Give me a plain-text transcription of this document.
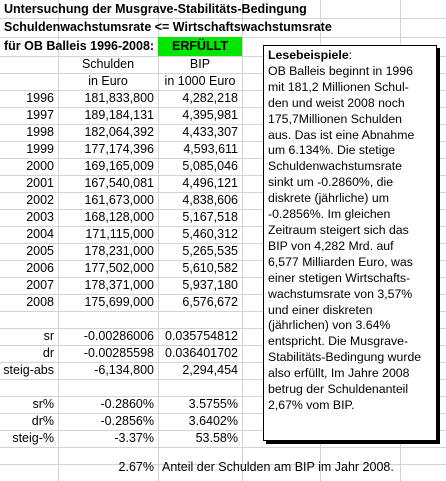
Untersuchung der Musgrave-Stabilitäts-Bedingung
Schuldenwachstumsrate <= Wirtschaftswachstumsrate
für OB Balleis 1996-2008:	ERFÜLLT
Schulden	BIP
in Euro	in 1000 Euro
1996	181,833,800	4,282,218
1997	189,184,131	4,395,981
1998	182,064,392	4,433,307
1999	177,174,396	4,593,611
2000	169,165,009	5,085,046
2001	167,540,081	4,496,121
2002	161,673,000	4,838,606
2003	168,128,000	5,167,518
2004	171,115,000	5,460,312
2005	178,231,000	5,265,535
2006	177,502,000	5,610,582
2007	178,371,000	5,937,180
2008	175,699,000	6,576,672
sr	-0.00286006 0.035754812
dr	-0.00285598 0.036401702
steig-abs	-6,134,800	2,294,454
sr%	-0.2860%	3.5755%
dr%	-0.2856%	3.6402%
steig-%	-3.37%	53.58%
2.67% Anteil der Schulden am BIP im Jahr 2008.
Lesebeispiele:
OB Balleis beginnt in 1996
mit 181,2 Millionen Schul-
den und weist 2008 noch
175,7Millionen Schulden
aus. Das ist eine Abnahme
um 6.134%. Die stetige
Schuldenwachstumsrate
sinkt um -0.2860%, die
diskrete (jährliche) um
-0.2856%. Im gleichen
Zeitraum steigert sich das
BIP von 4,282 Mrd. auf
6,577 Milliarden Euro, was
einer stetigen Wirtschafts-
wachstumsrate von 3,57%
und einer diskreten
(jährlichen) von 3.64%
entspricht. Die Musgrave-
Stabilitäts-Bedingung wurde
also erfüllt, Im Jahre 2008
betrug der Schuldenanteil
2,67% vom BIP.
